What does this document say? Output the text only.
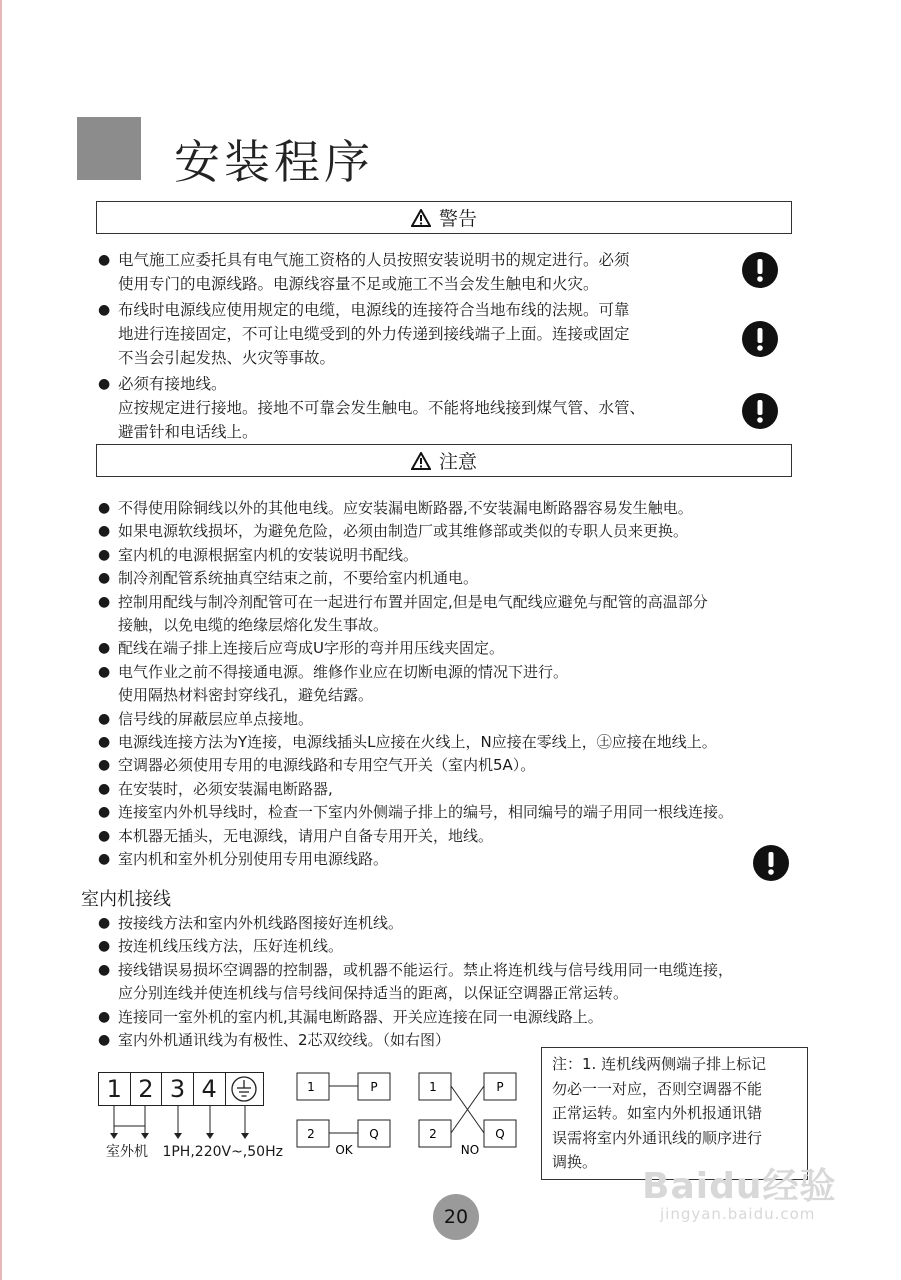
安装程序
警告
● 电气施工应委托具有电气施工资格的人员按照安装说明书的规定进行。必须
使用专门的电源线路。电源线容量不足或施工不当会发生触电和火灾。
● 布线时电源线应使用规定的电缆，电源线的连接符合当地布线的法规。可靠
地进行连接固定，不可让电缆受到的外力传递到接线端子上面。连接或固定
不当会引起发热、火灾等事故。
● 必须有接地线。
应按规定进行接地。接地不可靠会发生触电。不能将地线接到煤气管、水管、
避雷针和电话线上。
注意
● 不得使用除铜线以外的其他电线。应安装漏电断路器,不安装漏电断路器容易发生触电。
● 如果电源软线损坏，为避免危险，必须由制造厂或其维修部或类似的专职人员来更换。
● 室内机的电源根据室内机的安装说明书配线。
● 制冷剂配管系统抽真空结束之前，不要给室内机通电。
● 控制用配线与制冷剂配管可在一起进行布置并固定,但是电气配线应避免与配管的高温部分
接触，以免电缆的绝缘层熔化发生事故。
● 配线在端子排上连接后应弯成U字形的弯并用压线夹固定。
● 电气作业之前不得接通电源。维修作业应在切断电源的情况下进行。
使用隔热材料密封穿线孔，避免结露。
● 信号线的屏蔽层应单点接地。
● 电源线连接方法为Y连接，电源线插头L应接在火线上，N应接在零线上，㊏应接在地线上。
● 空调器必须使用专用的电源线路和专用空气开关（室内机5A）。
● 在安装时，必须安装漏电断路器,
● 连接室内外机导线时，检查一下室内外侧端子排上的编号，相同编号的端子用同一根线连接。
● 本机器无插头，无电源线，请用户自备专用开关，地线。
● 室内机和室外机分别使用专用电源线路。
室内机接线
● 按接线方法和室内外机线路图接好连机线。
● 按连机线压线方法，压好连机线。
● 接线错误易损坏空调器的控制器，或机器不能运行。禁止将连机线与信号线用同一电缆连接，
应分别连线并使连机线与信号线间保持适当的距离，以保证空调器正常运转。
● 连接同一室外机的室内机,其漏电断路器、开关应连接在同一电源线路上。
● 室内外机通讯线为有极性、2芯双绞线。（如右图）
注：1. 连机线两侧端子排上标记
勿必一一对应，否则空调器不能
正常运转。如室内外机报通讯错
误需将室内外通讯线的顺序进行
调换。
1 2 3 4
室外机 1PH,220V~,50Hz
1
2
P
Q
OK
1
2
P
Q
NO
20
Baidu经验
jingyan.baidu.com
